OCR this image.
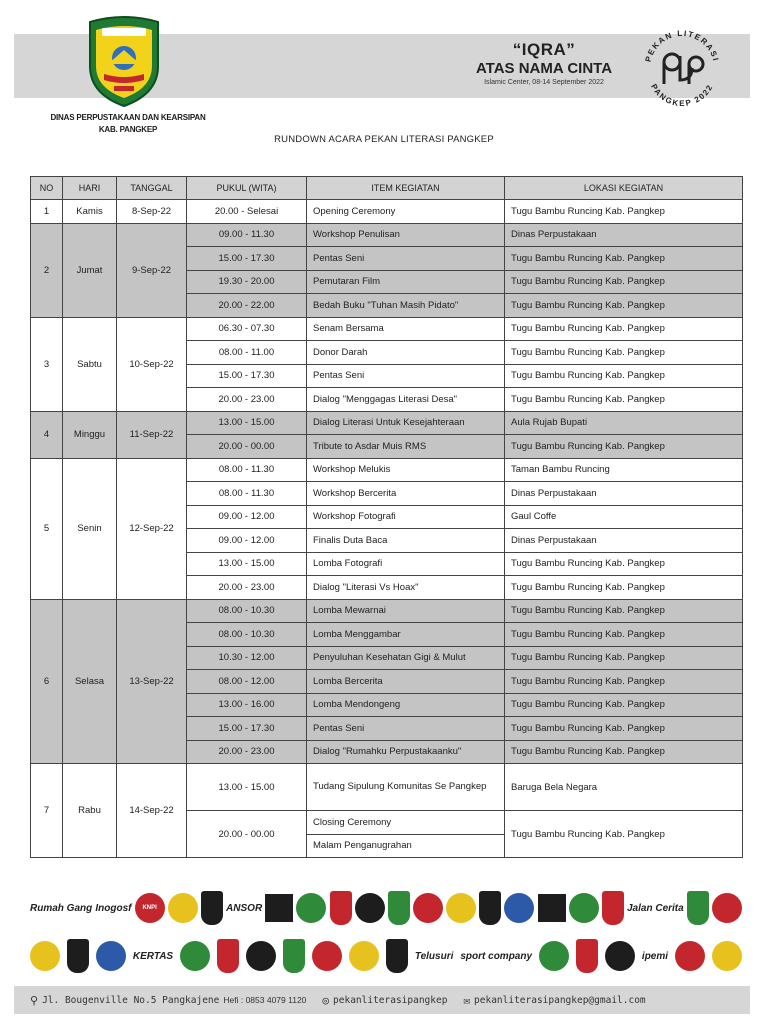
DINAS PERPUSTAKAAN DAN KEARSIPAN
KAB. PANGKEP
“IQRA”
ATAS NAMA CINTA
Islamic Center, 08-14 September 2022
PEKAN LITERASI
PANGKEP 2022
RUNDOWN ACARA PEKAN LITERASI PANGKEP
NO	HARI	TANGGAL	PUKUL (WITA)	ITEM KEGIATAN	LOKASI KEGIATAN
1	Kamis	8-Sep-22	20.00 - Selesai	Opening Ceremony	Tugu Bambu Runcing Kab. Pangkep
2	Jumat	9-Sep-22	09.00 - 11.30	Workshop Penulisan	Dinas Perpustakaan
			15.00 - 17.30	Pentas Seni	Tugu Bambu Runcing Kab. Pangkep
			19.30 - 20.00	Pemutaran Film	Tugu Bambu Runcing Kab. Pangkep
			20.00 - 22.00	Bedah Buku "Tuhan Masih Pidato"	Tugu Bambu Runcing Kab. Pangkep
3	Sabtu	10-Sep-22	06.30 - 07.30	Senam Bersama	Tugu Bambu Runcing Kab. Pangkep
			08.00 - 11.00	Donor Darah	Tugu Bambu Runcing Kab. Pangkep
			15.00 - 17.30	Pentas Seni	Tugu Bambu Runcing Kab. Pangkep
			20.00 - 23.00	Dialog "Menggagas Literasi Desa"	Tugu Bambu Runcing Kab. Pangkep
4	Minggu	11-Sep-22	13.00 - 15.00	Dialog Literasi Untuk Kesejahteraan	Aula Rujab Bupati
			20.00 - 00.00	Tribute to Asdar Muis RMS	Tugu Bambu Runcing Kab. Pangkep
5	Senin	12-Sep-22	08.00 - 11.30	Workshop Melukis	Taman Bambu Runcing
			08.00 - 11.30	Workshop Bercerita	Dinas Perpustakaan
			09.00 - 12.00	Workshop Fotografi	Gaul Coffe
			09.00 - 12.00	Finalis Duta Baca	Dinas Perpustakaan
			13.00 - 15.00	Lomba Fotografi	Tugu Bambu Runcing Kab. Pangkep
			20.00 - 23.00	Dialog "Literasi Vs Hoax"	Tugu Bambu Runcing Kab. Pangkep
6	Selasa	13-Sep-22	08.00 - 10.30	Lomba Mewarnai	Tugu Bambu Runcing Kab. Pangkep
			08.00 - 10.30	Lomba Menggambar	Tugu Bambu Runcing Kab. Pangkep
			10.30 - 12.00	Penyuluhan Kesehatan Gigi & Mulut	Tugu Bambu Runcing Kab. Pangkep
			08.00 - 12.00	Lomba Bercerita	Tugu Bambu Runcing Kab. Pangkep
			13.00 - 16.00	Lomba Mendongeng	Tugu Bambu Runcing Kab. Pangkep
			15.00 - 17.30	Pentas Seni	Tugu Bambu Runcing Kab. Pangkep
			20.00 - 23.00	Dialog "Rumahku Perpustakaanku"	Tugu Bambu Runcing Kab. Pangkep
7	Rabu	14-Sep-22	13.00 - 15.00	Tudang Sipulung Komunitas Se Pangkep	Baruga Bela Negara
			20.00 - 00.00	Closing Ceremony	Tugu Bambu Runcing Kab. Pangkep
				Malam Penganugrahan	
Rumah Gang Inogosf	KNPI	ANSOR	Jalan Cerita
KERTAS	Telusuri sport company	ipemi
⚲ Jl. Bougenville No.5 Pangkajene Hefi : 0853 4079 1120 ◎ pekanliterasipangkep ✉ pekanliterasipangkep@gmail.com
